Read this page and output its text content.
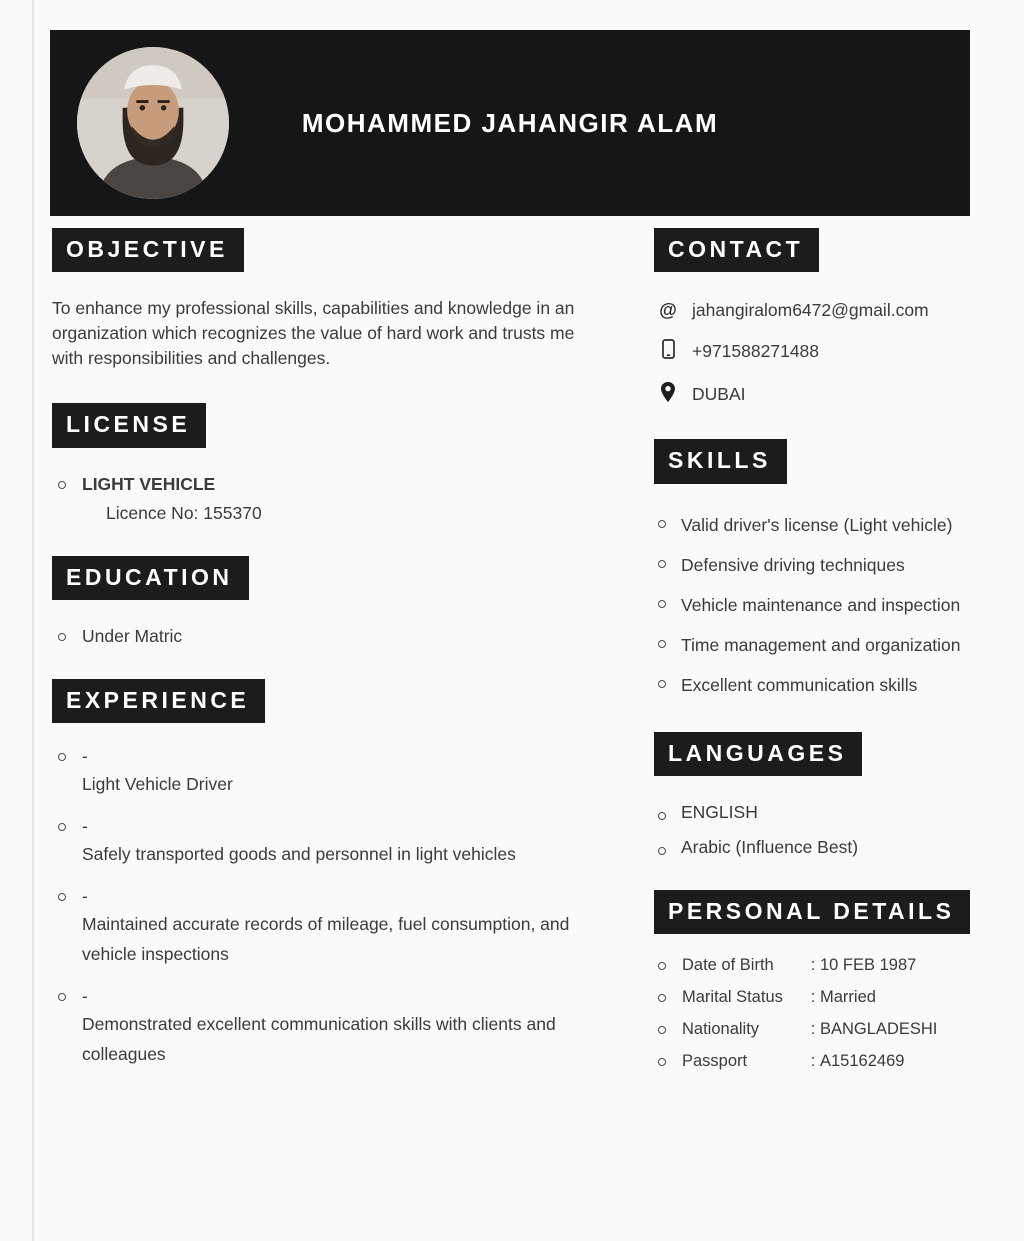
MOHAMMED JAHANGIR ALAM
OBJECTIVE

To enhance my professional skills, capabilities and knowledge in an organization which recognizes the value of hard work and trusts me with responsibilities and challenges.

LICENSE
LIGHT VEHICLE
Licence No: 155370
EDUCATION
Under Matric
EXPERIENCE
-
Light Vehicle Driver
-
Safely transported goods and personnel in light vehicles
-
Maintained accurate records of mileage, fuel consumption, and vehicle inspections
-
Demonstrated excellent communication skills with clients and colleagues
CONTACT
@ jahangiralom6472@gmail.com
+971588271488
DUBAI
SKILLS
Valid driver's license (Light vehicle)
Defensive driving techniques
Vehicle maintenance and inspection
Time management and organization
Excellent communication skills
LANGUAGES
ENGLISH
Arabic (Influence Best)
PERSONAL DETAILS
Date of Birth	: 10 FEB 1987
Marital Status	: Married
Nationality	: BANGLADESHI
Passport	: A15162469
